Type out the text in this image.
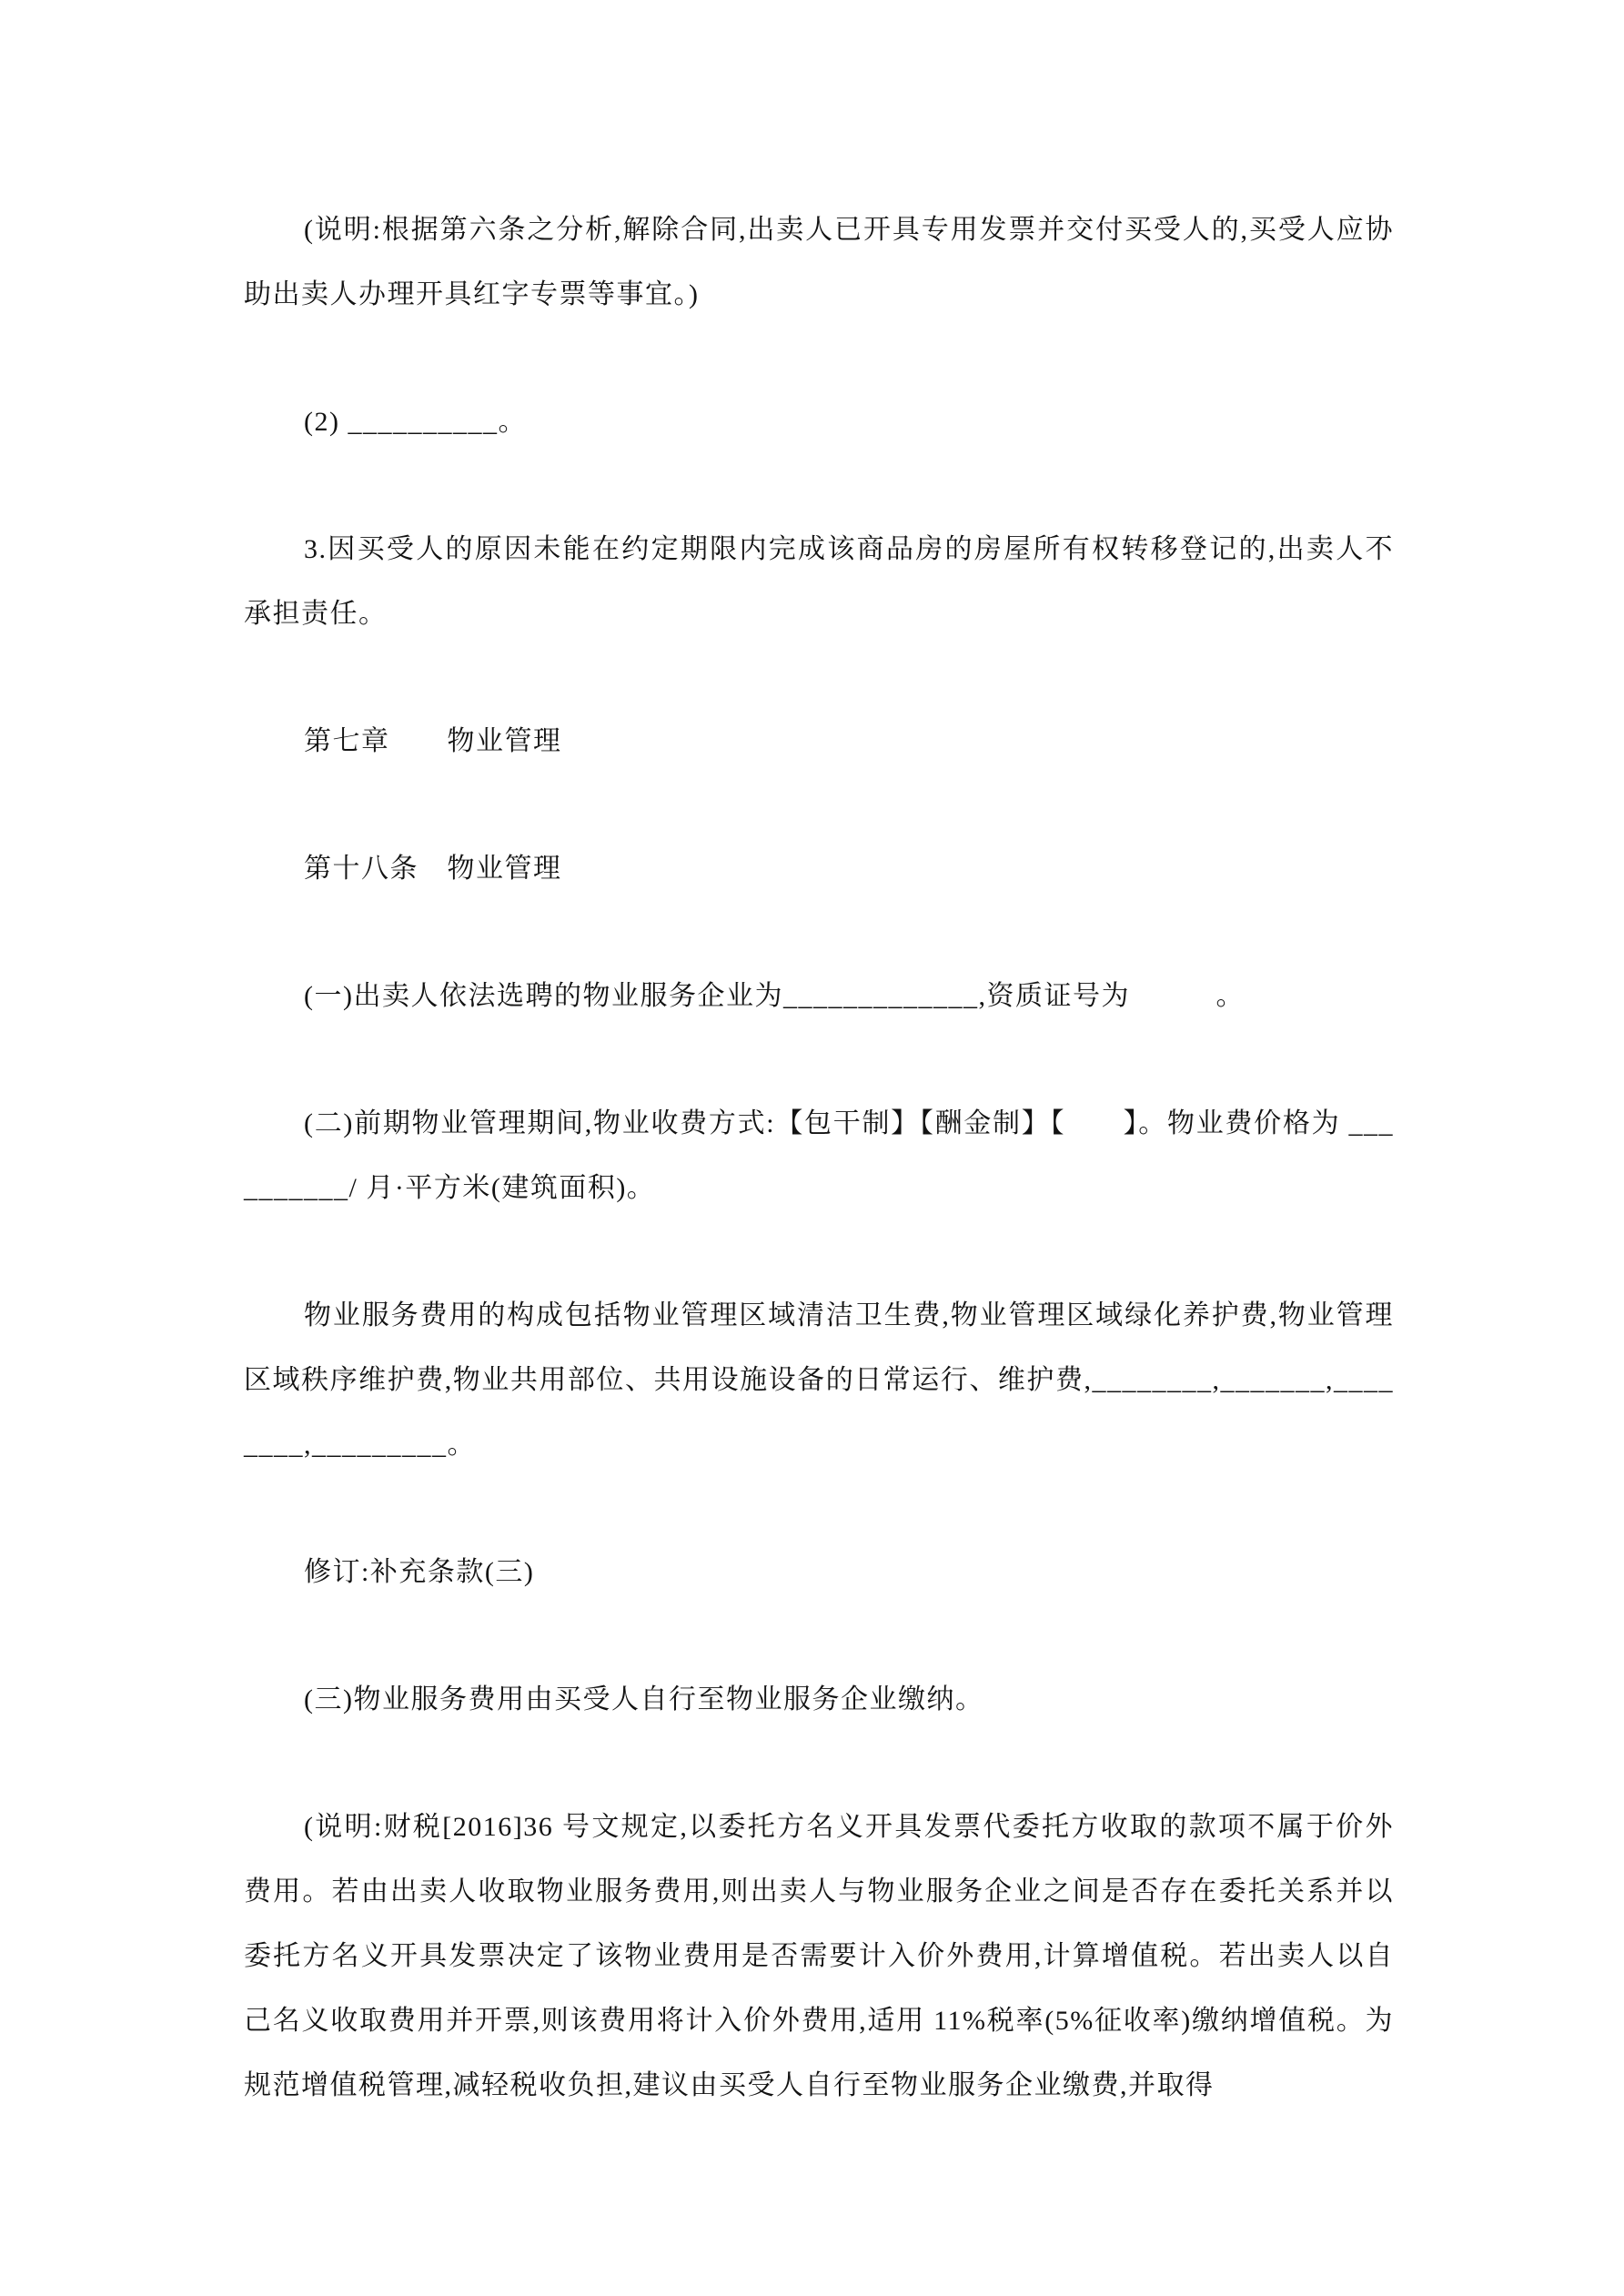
(说明:根据第六条之分析,解除合同,出卖人已开具专用发票并交付买受人的,买受人应协助出卖人办理开具红字专票等事宜。)

(2) __________。

3.因买受人的原因未能在约定期限内完成该商品房的房屋所有权转移登记的,出卖人不承担责任。

第七章　　物业管理

第十八条　物业管理

(一)出卖人依法选聘的物业服务企业为_____________,资质证号为　　　。

(二)前期物业管理期间,物业收费方式:【包干制】【酬金制】【　　】。物业费价格为 __________/ 月·平方米(建筑面积)。

物业服务费用的构成包括物业管理区域清洁卫生费,物业管理区域绿化养护费,物业管理区域秩序维护费,物业共用部位、共用设施设备的日常运行、维护费,________,_______,________,_________。

修订:补充条款(三)

(三)物业服务费用由买受人自行至物业服务企业缴纳。

(说明:财税[2016]36 号文规定,以委托方名义开具发票代委托方收取的款项不属于价外费用。若由出卖人收取物业服务费用,则出卖人与物业服务企业之间是否存在委托关系并以委托方名义开具发票决定了该物业费用是否需要计入价外费用,计算增值税。若出卖人以自己名义收取费用并开票,则该费用将计入价外费用,适用 11%税率(5%征收率)缴纳增值税。为规范增值税管理,减轻税收负担,建议由买受人自行至物业服务企业缴费,并取得
